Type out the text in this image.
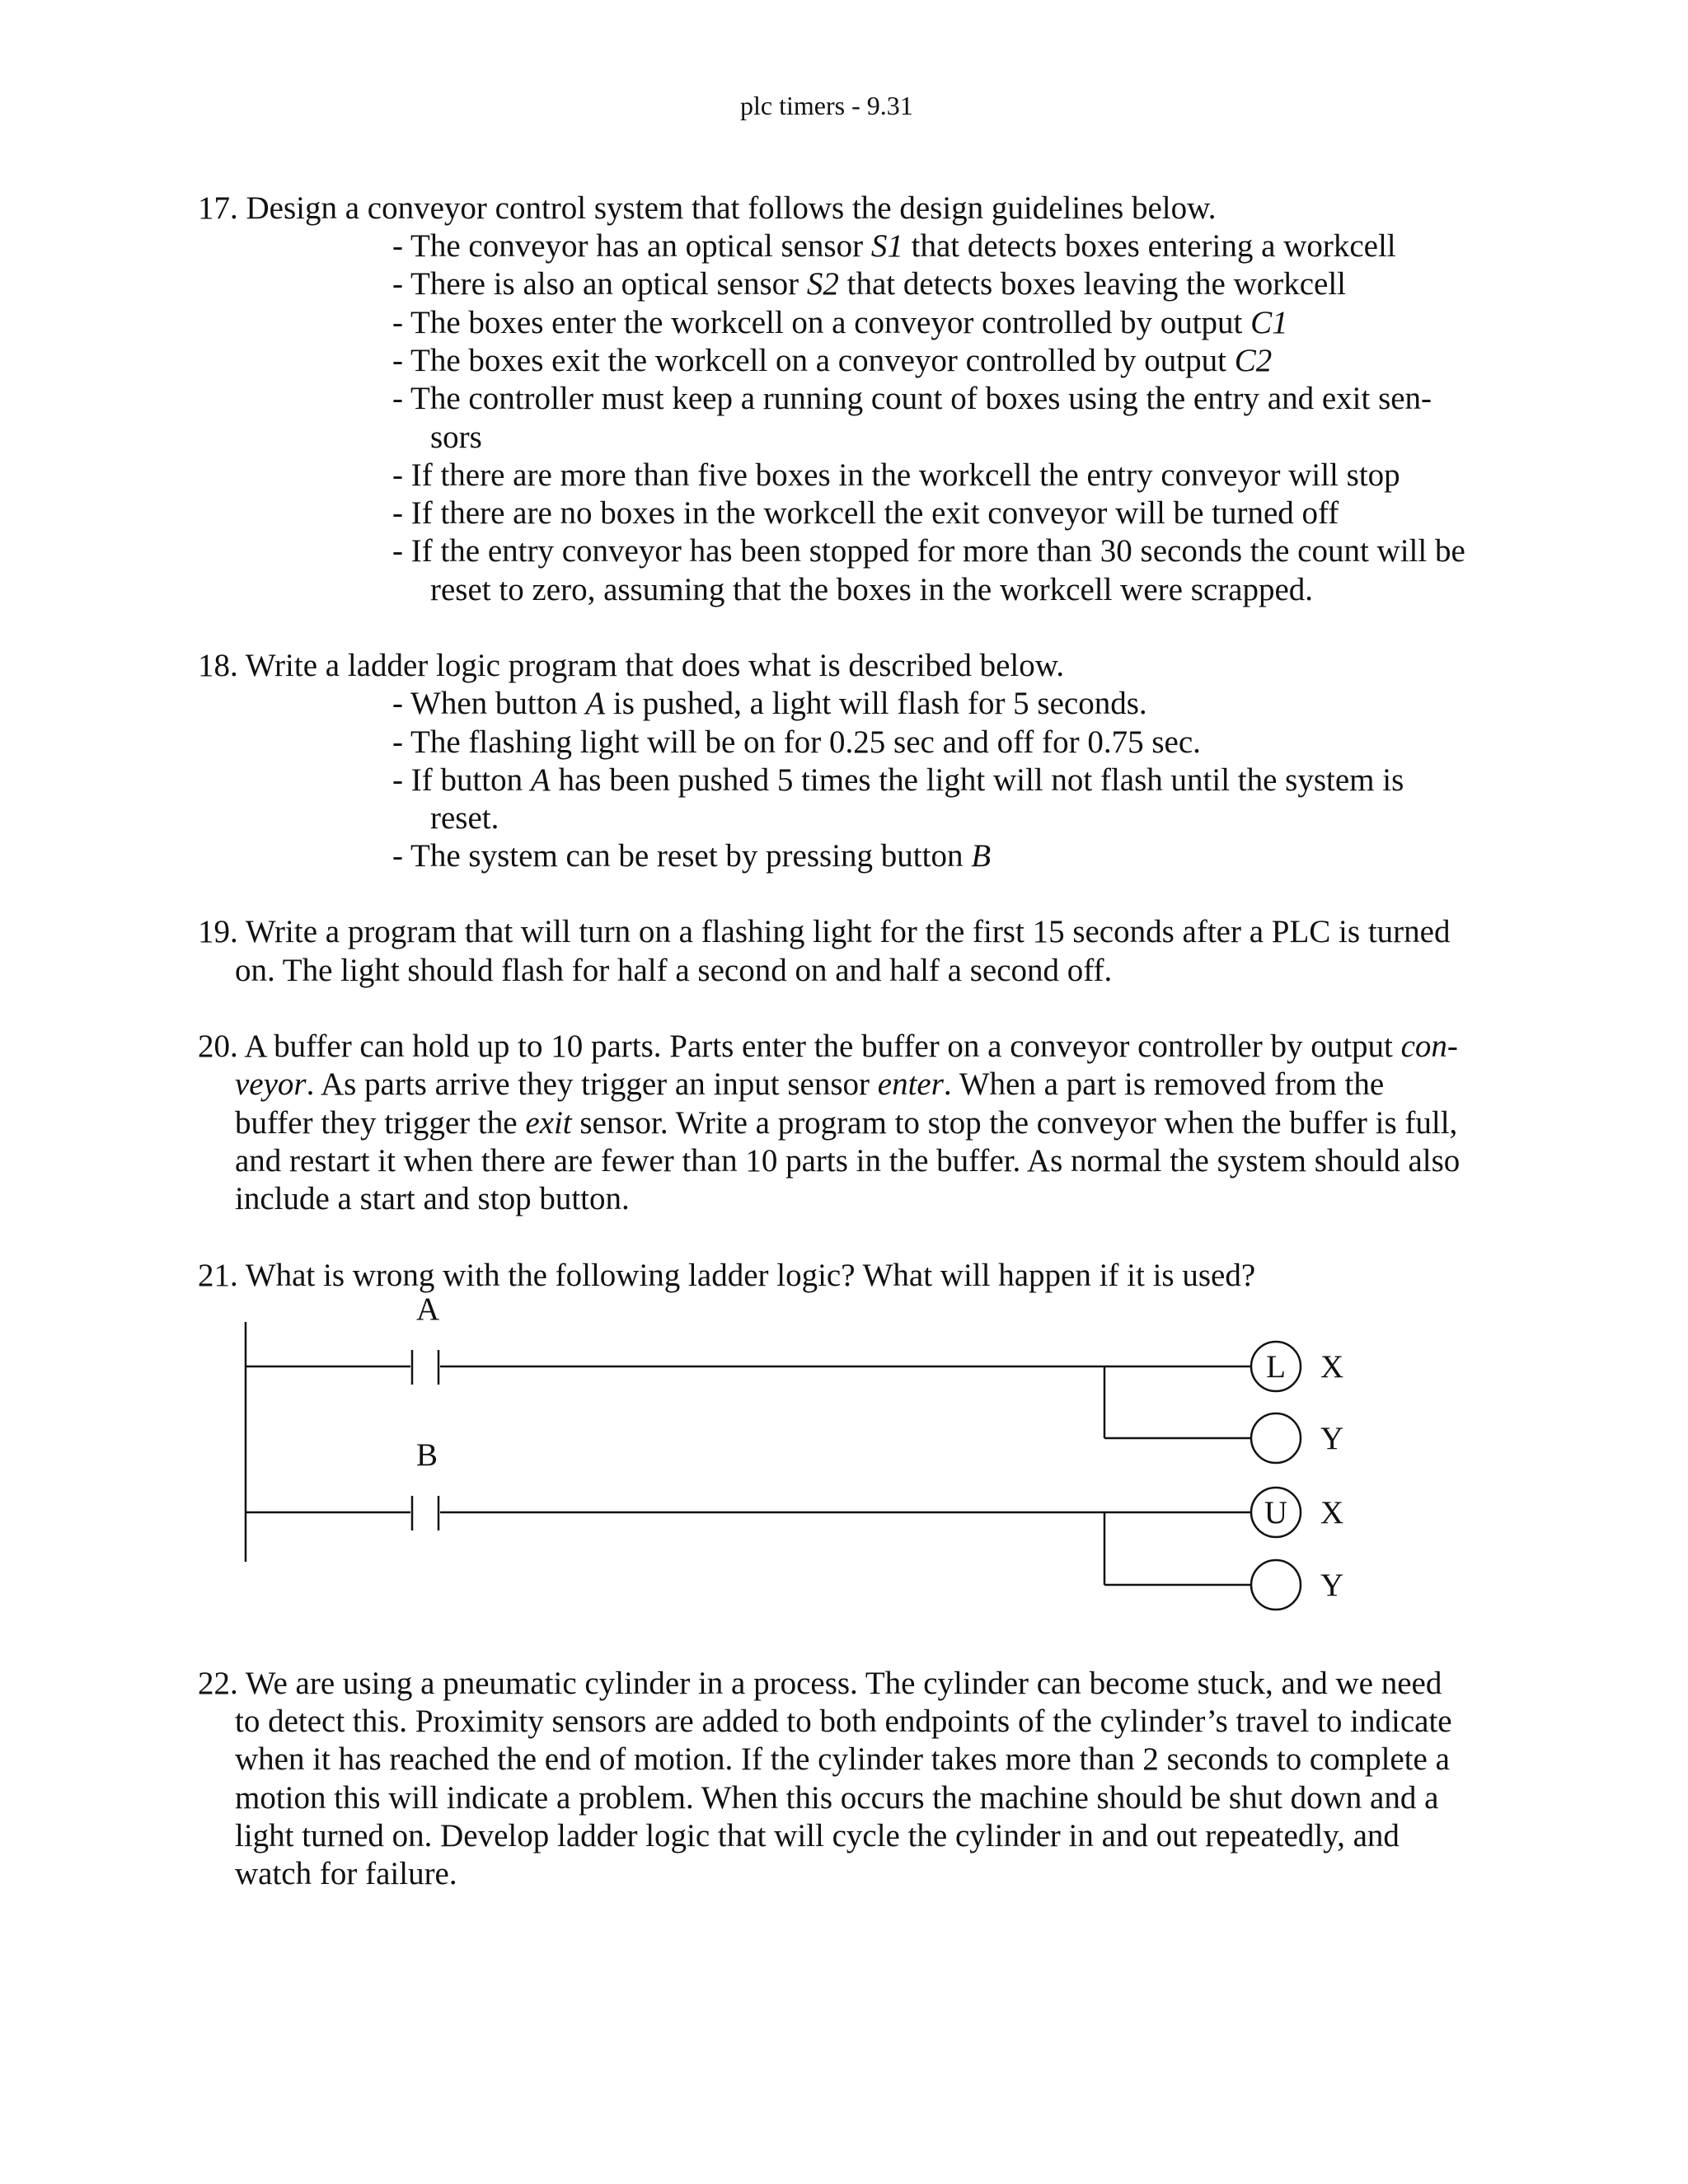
plc timers - 9.31
17. Design a conveyor control system that follows the design guidelines below.
- The conveyor has an optical sensor S1 that detects boxes entering a workcell
- There is also an optical sensor S2 that detects boxes leaving the workcell
- The boxes enter the workcell on a conveyor controlled by output C1
- The boxes exit the workcell on a conveyor controlled by output C2
- The controller must keep a running count of boxes using the entry and exit sen-
sors
- If there are more than five boxes in the workcell the entry conveyor will stop
- If there are no boxes in the workcell the exit conveyor will be turned off
- If the entry conveyor has been stopped for more than 30 seconds the count will be
reset to zero, assuming that the boxes in the workcell were scrapped.
18. Write a ladder logic program that does what is described below.
- When button A is pushed, a light will flash for 5 seconds.
- The flashing light will be on for 0.25 sec and off for 0.75 sec.
- If button A has been pushed 5 times the light will not flash until the system is
reset.
- The system can be reset by pressing button B
19. Write a program that will turn on a flashing light for the first 15 seconds after a PLC is turned
on. The light should flash for half a second on and half a second off.
20. A buffer can hold up to 10 parts. Parts enter the buffer on a conveyor controller by output con-
veyor. As parts arrive they trigger an input sensor enter. When a part is removed from the
buffer they trigger the exit sensor. Write a program to stop the conveyor when the buffer is full,
and restart it when there are fewer than 10 parts in the buffer. As normal the system should also
include a start and stop button.
21. What is wrong with the following ladder logic? What will happen if it is used?
A
B
L
U
X
Y
X
Y
22. We are using a pneumatic cylinder in a process. The cylinder can become stuck, and we need
to detect this. Proximity sensors are added to both endpoints of the cylinder’s travel to indicate
when it has reached the end of motion. If the cylinder takes more than 2 seconds to complete a
motion this will indicate a problem. When this occurs the machine should be shut down and a
light turned on. Develop ladder logic that will cycle the cylinder in and out repeatedly, and
watch for failure.
